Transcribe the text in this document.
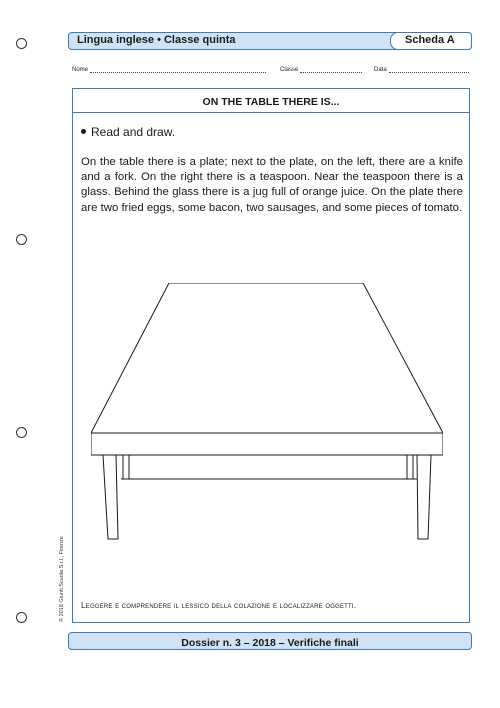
Lingua inglese • Classe quinta	Scheda A
Nome	Classe	Data
ON THE TABLE THERE IS...
Read and draw.
On the table there is a plate; next to the plate, on the left, there are a knife and a fork. On the right there is a teaspoon. Near the teaspoon there is a glass. Behind the glass there is a jug full of orange juice. On the plate there are two fried eggs, some bacon, two sausages, and some pieces of tomato.
Leggere e comprendere il lessico della colazione e localizzare oggetti.
© 2018 Giunti Scuola S.r.l., Firenze
Dossier n. 3 – 2018 – Verifiche finali
